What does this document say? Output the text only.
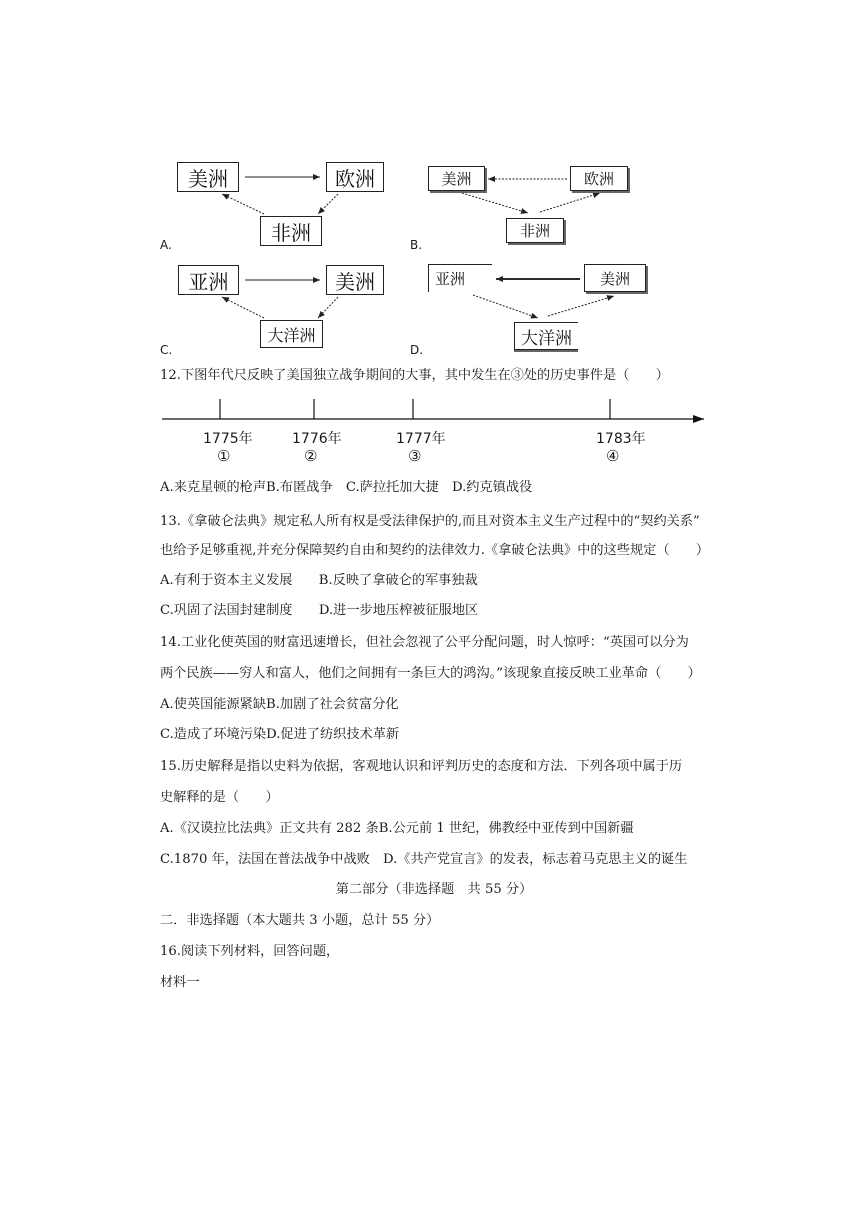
美洲	欧洲
非洲
A.
美洲	欧洲
非洲
B.
亚洲	美洲
大洋洲
C.
亚洲	美洲
大洋洲
D.
12.下图年代尺反映了美国独立战争期间的大事，其中发生在③处的历史事件是（　　）
1775年	1776年	1777年	1783年
①	②	③	④
A.来克星顿的枪声B.布匿战争　C.萨拉托加大捷　D.约克镇战役
13.《拿破仑法典》规定私人所有权是受法律保护的,而且对资本主义生产过程中的“契约关系”
也给予足够重视,并充分保障契约自由和契约的法律效力.《拿破仑法典》中的这些规定（　　）
A.有利于资本主义发展　　B.反映了拿破仑的军事独裁
C.巩固了法国封建制度　　D.进一步地压榨被征服地区
14.工业化使英国的财富迅速增长，但社会忽视了公平分配问题，时人惊呼：“英国可以分为
两个民族——穷人和富人，他们之间拥有一条巨大的鸿沟。”该现象直接反映工业革命（　　）
A.使英国能源紧缺B.加剧了社会贫富分化
C.造成了环境污染D.促进了纺织技术革新
15.历史解释是指以史料为依据，客观地认识和评判历史的态度和方法．下列各项中属于历
史解释的是（　　）
A.《汉谟拉比法典》正文共有 282 条B.公元前 1 世纪，佛教经中亚传到中国新疆
C.1870 年，法国在普法战争中战败　D.《共产党宣言》的发表，标志着马克思主义的诞生
第二部分（非选择题　共 55 分）
二．非选择题（本大题共 3 小题，总计 55 分）
16.阅读下列材料，回答问题，
材料一
